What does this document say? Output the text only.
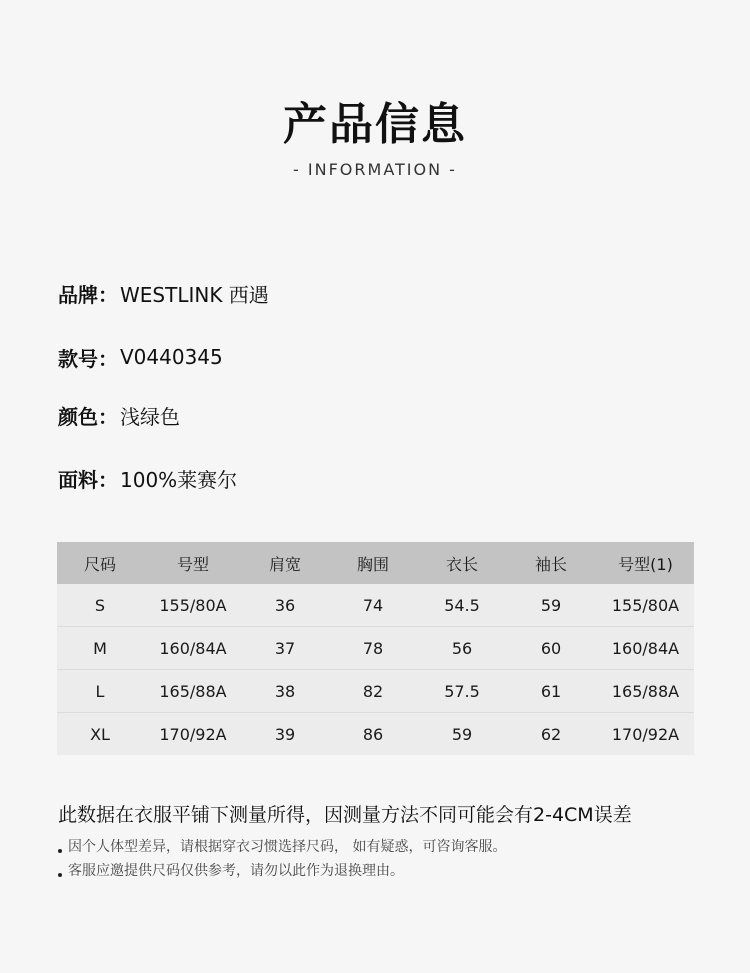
产品信息
- INFORMATION -
品牌： WESTLINK 西遇
款号： V0440345
颜色： 浅绿色
面料： 100%莱赛尔
尺码	号型	肩宽	胸围	衣长	袖长	号型(1)
S	155/80A	36	74	54.5	59	155/80A
M	160/84A	37	78	56	60	160/84A
L	165/88A	38	82	57.5	61	165/88A
XL	170/92A	39	86	59	62	170/92A
此数据在衣服平铺下测量所得，因测量方法不同可能会有2-4CM误差
因个人体型差异，请根据穿衣习惯选择尺码， 如有疑惑，可咨询客服。
客服应邀提供尺码仅供参考，请勿以此作为退换理由。
